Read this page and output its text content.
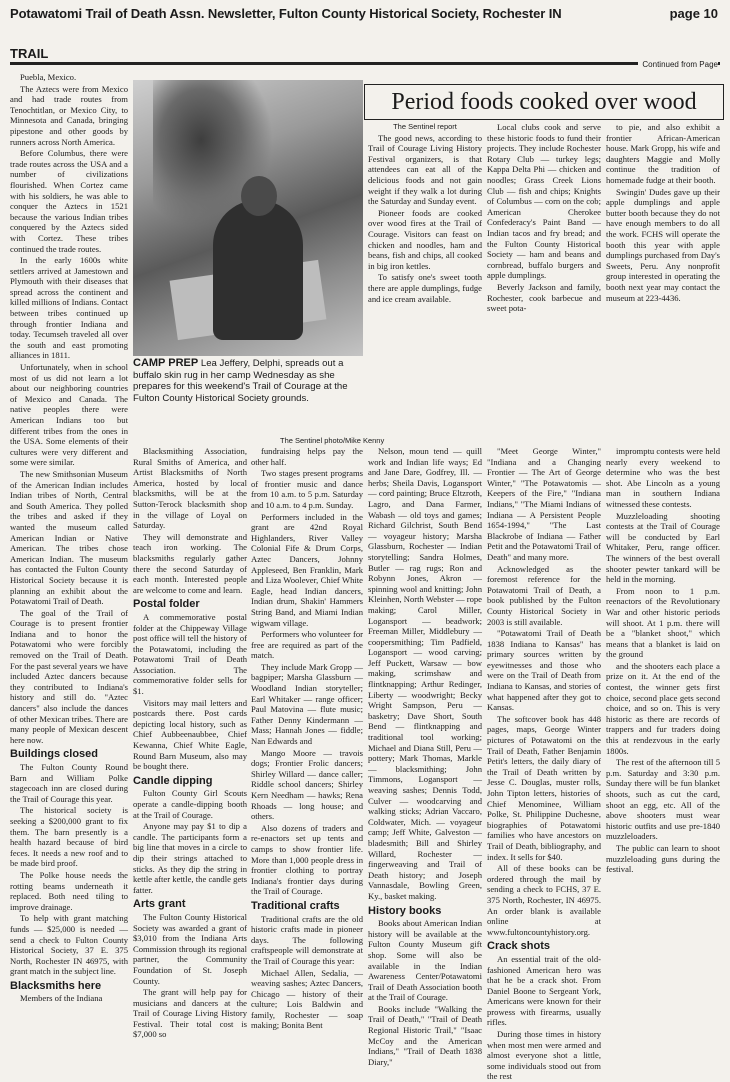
Potawatomi Trail of Death Assn. Newsletter, Fulton County Historical Society, Rochester IN	page 10
TRAIL
Continued from Page

Puebla, Mexico.

The Aztecs were from Mexico and had trade routes from Tenochtitlan, or Mexico City, to Minnesota and Canada, bringing pipestone and other goods by runners across North America.

Before Columbus, there were trade routes across the USA and a number of civilizations flourished. When Cortez came with his soldiers, he was able to conquer the Aztecs in 1521 because the various Indian tribes conquered by the Aztecs sided with Cortez. These tribes continued the trade routes.

In the early 1600s white settlers arrived at Jamestown and Plymouth with their diseases that spread across the continent and killed millions of Indians. Contact between tribes continued up through frontier Indiana and today. Tecumseh traveled all over the south and east promoting alliances in 1811.

Unfortunately, when in school most of us did not learn a lot about our neighboring countries of Mexico and Canada. The native peoples there were American Indians too but different tribes from the ones in the USA. Some elements of their cultures were very different and some were similar.

The new Smithsonian Museum of the American Indian includes Indian tribes of North, Central and South America. They polled the tribes and asked if they wanted the museum called American Indian or Native American. The tribes chose American Indian. The museum has contacted the Fulton County Historical Society because it is planning an exhibit about the Potawatomi Trail of Death.

The goal of the Trail of Courage is to present frontier Indiana and to honor the Potawatomi who were forcibly removed on the Trail of Death. For the past several years we have included Aztec dancers because they contributed to Indiana's history and still do. "Aztec dancers" also include the dances of other Mexican tribes. There are many people of Mexican descent here now.

Buildings closed

The Fulton County Round Barn and William Polke stagecoach inn are closed during the Trail of Courage this year.

The historical society is seeking a $200,000 grant to fix them. The barn presently is a health hazard because of bird feces. It needs a new roof and to be made bird proof.

The Polke house needs the rotting beams underneath it replaced. Both need tiling to improve drainage.

To help with grant matching funds — $25,000 is needed — send a check to Fulton County Historical Society, 37 E. 375 North, Rochester IN 46975, with grant match in the subject line.

Blacksmiths here

Members of the Indiana

CAMP PREP Lea Jeffery, Delphi, spreads out a buffalo skin rug in her camp Wednesday as she prepares for this weekend's Trail of Courage at the Fulton County Historical Society grounds.
The Sentinel photo/Mike Kenny

Blacksmithing Association, Rural Smiths of America, and Artist Blacksmiths of North America, hosted by local blacksmiths, will be at the Sutton-Terock blacksmith shop in the village of Loyal on Saturday.

They will demonstrate and teach iron working. The blacksmiths regularly gather there the second Saturday of each month. Interested people are welcome to come and learn.

Postal folder

A commemorative postal folder at the Chippeway Village post office will tell the history of the Potawatomi, including the Potawatomi Trail of Death Association. The commemorative folder sells for $1.

Visitors may mail letters and postcards there. Post cards depicting local history, such as Chief Aubbeenaubbee, Chief Kewanna, Chief White Eagle, Round Barn Museum, also may be bought there.

Candle dipping

Fulton County Girl Scouts operate a candle-dipping booth at the Trail of Courage.

Anyone may pay $1 to dip a candle. The participants form a big line that moves in a circle to dip their strings attached to sticks. As they dip the string in kettle after kettle, the candle gets fatter.

Arts grant

The Fulton County Historical Society was awarded a grant of $3,010 from the Indiana Arts Commission through its regional partner, the Community Foundation of St. Joseph County.

The grant will help pay for musicians and dancers at the Trail of Courage Living History Festival. Their total cost is $7,000 so

fundraising helps pay the other half.

Two stages present programs of frontier music and dance from 10 a.m. to 5 p.m. Saturday and 10 a.m. to 4 p.m. Sunday.

Performers included in the grant are 42nd Royal Highlanders, River Valley Colonial Fife & Drum Corps, Aztec Dancers, Johnny Appleseed, Ben Franklin, Mark and Liza Woolever, Chief White Eagle, head Indian dancers, Indian drum, Shakin' Hammers String Band, and Miami Indian wigwam village.

Performers who volunteer for free are required as part of the match.

They include Mark Gropp — bagpiper; Marsha Glassburn — Woodland Indian storyteller; Earl Whitaker — range officer; Paul Matovina — flute music; Father Denny Kindermann — Mass; Hannah Jones — fiddle; Nan Edwards and

Mango Moore — travois dogs; Frontier Frolic dancers; Shirley Willard — dance caller; Riddle school dancers; Shirley Kern Needham — hawks; Rena Rhoads — long house; and others.

Also dozens of traders and re-enactors set up tents and camps to show frontier life. More than 1,000 people dress in frontier clothing to portray Indiana's frontier days during the Trail of Courage.

Traditional crafts

Traditional crafts are the old historic crafts made in pioneer days. The following craftspeople will demonstrate at the Trail of Courage this year:

Michael Allen, Sedalia, — weaving sashes; Aztec Dancers, Chicago — history of their culture; Lois Baldwin and family, Rochester — soap making; Bonita Bent

Period foods cooked over wood
The Sentinel report

The good news, according to Trail of Courage Living History Festival organizers, is that attendees can eat all of the delicious foods and not gain weight if they walk a lot during the Saturday and Sunday event.

Pioneer foods are cooked over wood fires at the Trail of Courage. Visitors can feast on chicken and noodles, ham and beans, fish and chips, all cooked in big iron kettles.

To satisfy one's sweet tooth there are apple dumplings, fudge and ice cream available.

Local clubs cook and serve these historic foods to fund their projects. They include Rochester Rotary Club — turkey legs; Kappa Delta Phi — chicken and noodles; Grass Creek Lions Club — fish and chips; Knights of Columbus — corn on the cob; American Cherokee Confederacy's Paint Band — Indian tacos and fry bread; and the Fulton County Historical Society — ham and beans and cornbread, buffalo burgers and apple dumplings.

Beverly Jackson and family, Rochester, cook barbecue and sweet pota-

to pie, and also exhibit a frontier African-American house. Mark Gropp, his wife and daughters Maggie and Molly continue the tradition of homemade fudge at their booth.

Swingin' Dudes gave up their apple dumplings and apple butter booth because they do not have enough members to do all the work. FCHS will operate the booth this year with apple dumplings purchased from Day's Sweets, Peru. Any nonprofit group interested in operating the booth next year may contact the museum at 223-4436.

Nelson, moun tend — quill work and Indian life ways; Ed and Jane Dare, Godfrey, Ill. — herbs; Sheila Davis, Logansport — cord painting; Bruce Eltzroth, Lagro, and Dana Farmer, Wabash — old toys and games; Richard Gilchrist, South Bend — voyageur history; Marsha Glassburn, Rochester — Indian storytelling; Sandra Holmes, Butler — rag rugs; Ron and Robynn Jones, Akron — spinning wool and knitting; John Kleinhen, North Webster — rope making; Carol Miller, Logansport — beadwork; Freeman Miller, Middlebury — coopersmithing; Tim Padfield, Logansport — wood carving; Jeff Puckett, Warsaw — bow making, scrimshaw and flintknapping; Arthur Redinger, Liberty — woodwright; Becky Wright Sampson, Peru — basketry; Dave Short, South Bend — flintknapping and traditional tool working; Michael and Diana Still, Peru — pottery; Mark Thomas, Markle — blacksmithing; John Timmons, Logansport — weaving sashes; Dennis Todd, Culver — woodcarving and walking sticks; Adrian Vaccaro, Coldwater, Mich. — voyageur camp; Jeff White, Galveston — bladesmith; Bill and Shirley Willard, Rochester — fingerweaving and Trail of Death history; and Joseph Vannasdale, Bowling Green, Ky., basket making.

History books

Books about American Indian history will be available at the Fulton County Museum gift shop. Some will also be available in the Indian Awareness Center/Potawatomi Trail of Death Association booth at the Trail of Courage.

Books include "Walking the Trail of Death," "Trail of Death Regional Historic Trail," "Isaac McCoy and the American Indians," "Trail of Death 1838 Diary,"

"Meet George Winter," "Indiana and a Changing Frontier — The Art of George Winter," "The Potawatomis — Keepers of the Fire," "Indiana Indians," "The Miami Indians of Indiana — A Persistent People 1654-1994," "The Last Blackrobe of Indiana — Father Petit and the Potawatomi Trail of Death" and many more.

Acknowledged as the foremost reference for the Potawatomi Trail of Death, a book published by the Fulton County Historical Society in 2003 is still available.

"Potawatomi Trail of Death 1838 Indiana to Kansas" has primary sources written by eyewitnesses and those who were on the Trail of Death from Indiana to Kansas, and stories of what happened after they got to Kansas.

The softcover book has 448 pages, maps, George Winter pictures of Potawatomi on the Trail of Death, Father Benjamin Petit's letters, the daily diary of the Trail of Death written by Jesse C. Douglas, muster rolls, John Tipton letters, histories of Chief Menominee, William Polke, St. Philippine Duchesne, biographies of Potawatomi families who have ancestors on Trail of Death, bibliography, and index. It sells for $40.

All of these books can be ordered through the mail by sending a check to FCHS, 37 E. 375 North, Rochester, IN 46975. An order blank is available online at www.fultoncountyhistory.org.

Crack shots

An essential trait of the old-fashioned American hero was that he be a crack shot. From Daniel Boone to Sergeant York, Americans were known for their prowess with firearms, usually rifles.

During those times in history when most men were armed and almost everyone shot a little, some individuals stood out from the rest

impromptu contests were held nearly every weekend to determine who was the best shot. Abe Lincoln as a young man in southern Indiana witnessed these contests.

Muzzleloading shooting contests at the Trail of Courage will be conducted by Earl Whitaker, Peru, range officer. The winners of the best overall shooter pewter tankard will be held in the morning.

From noon to 1 p.m. reenactors of the Revolutionary War and other historic periods will shoot. At 1 p.m. there will be a "blanket shoot," which means that a blanket is laid on the ground

and the shooters each place a prize on it. At the end of the contest, the winner gets first choice, second place gets second choice, and so on. This is very historic as there are records of trappers and fur traders doing this at rendezvous in the early 1800s.

The rest of the afternoon till 5 p.m. Saturday and 3:30 p.m. Sunday there will be fun blanket shoots, such as cut the card, shoot an egg, etc. All of the above shooters must wear historic outfits and use pre-1840 muzzleloaders.

The public can learn to shoot muzzleloading guns during the festival.
